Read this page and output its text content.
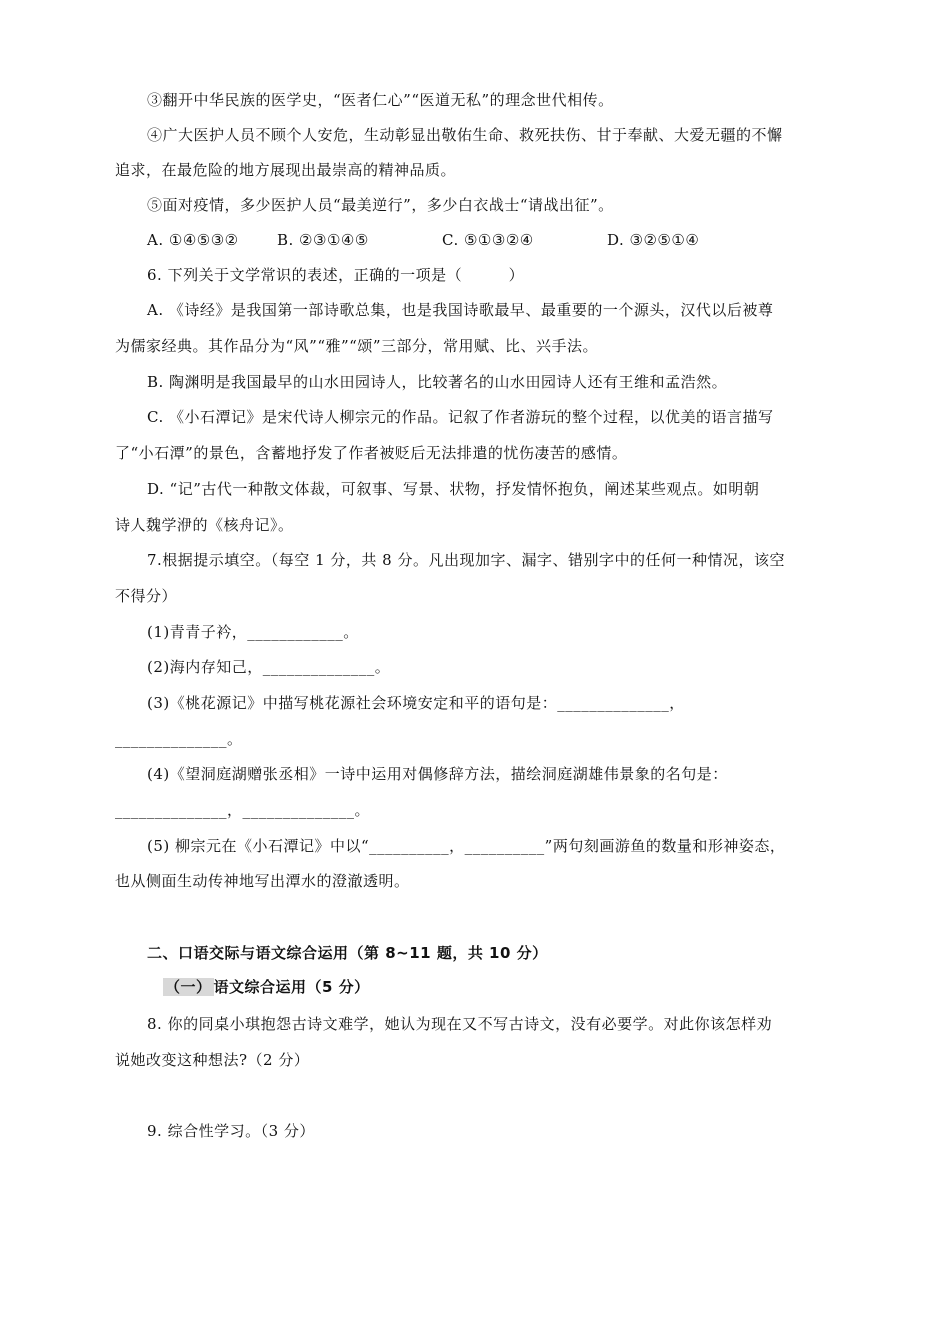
③翻开中华民族的医学史，“医者仁心”“医道无私”的理念世代相传。
④广大医护人员不顾个人安危，生动彰显出敬佑生命、救死扶伤、甘于奉献、大爱无疆的不懈
追求，在最危险的地方展现出最崇高的精神品质。
⑤面对疫情，多少医护人员“最美逆行”，多少白衣战士“请战出征”。
A. ①④⑤③②	B. ②③①④⑤	C. ⑤①③②④	D. ③②⑤①④
6. 下列关于文学常识的表述，正确的一项是（　　　）
A. 《诗经》是我国第一部诗歌总集，也是我国诗歌最早、最重要的一个源头，汉代以后被尊
为儒家经典。其作品分为“风”“雅”“颂”三部分，常用赋、比、兴手法。
B. 陶渊明是我国最早的山水田园诗人，比较著名的山水田园诗人还有王维和孟浩然。
C. 《小石潭记》是宋代诗人柳宗元的作品。记叙了作者游玩的整个过程，以优美的语言描写
了“小石潭”的景色，含蓄地抒发了作者被贬后无法排遣的忧伤凄苦的感情。
D. “记”古代一种散文体裁，可叙事、写景、状物，抒发情怀抱负，阐述某些观点。如明朝
诗人魏学洢的《核舟记》。
7.根据提示填空。（每空 1 分，共 8 分。凡出现加字、漏字、错别字中的任何一种情况，该空
不得分）
(1)青青子衿，____________。
(2)海内存知己，______________。
(3)《桃花源记》中描写桃花源社会环境安定和平的语句是：______________，
______________。
(4)《望洞庭湖赠张丞相》一诗中运用对偶修辞方法，描绘洞庭湖雄伟景象的名句是：
______________，______________。
(5) 柳宗元在《小石潭记》中以“__________，__________”两句刻画游鱼的数量和形神姿态，
也从侧面生动传神地写出潭水的澄澈透明。
二、口语交际与语文综合运用（第 8~11 题，共 10 分）
（一） 语文综合运用（5 分）
8. 你的同桌小琪抱怨古诗文难学，她认为现在又不写古诗文，没有必要学。对此你该怎样劝
说她改变这种想法?（2 分）
9. 综合性学习。（3 分）
